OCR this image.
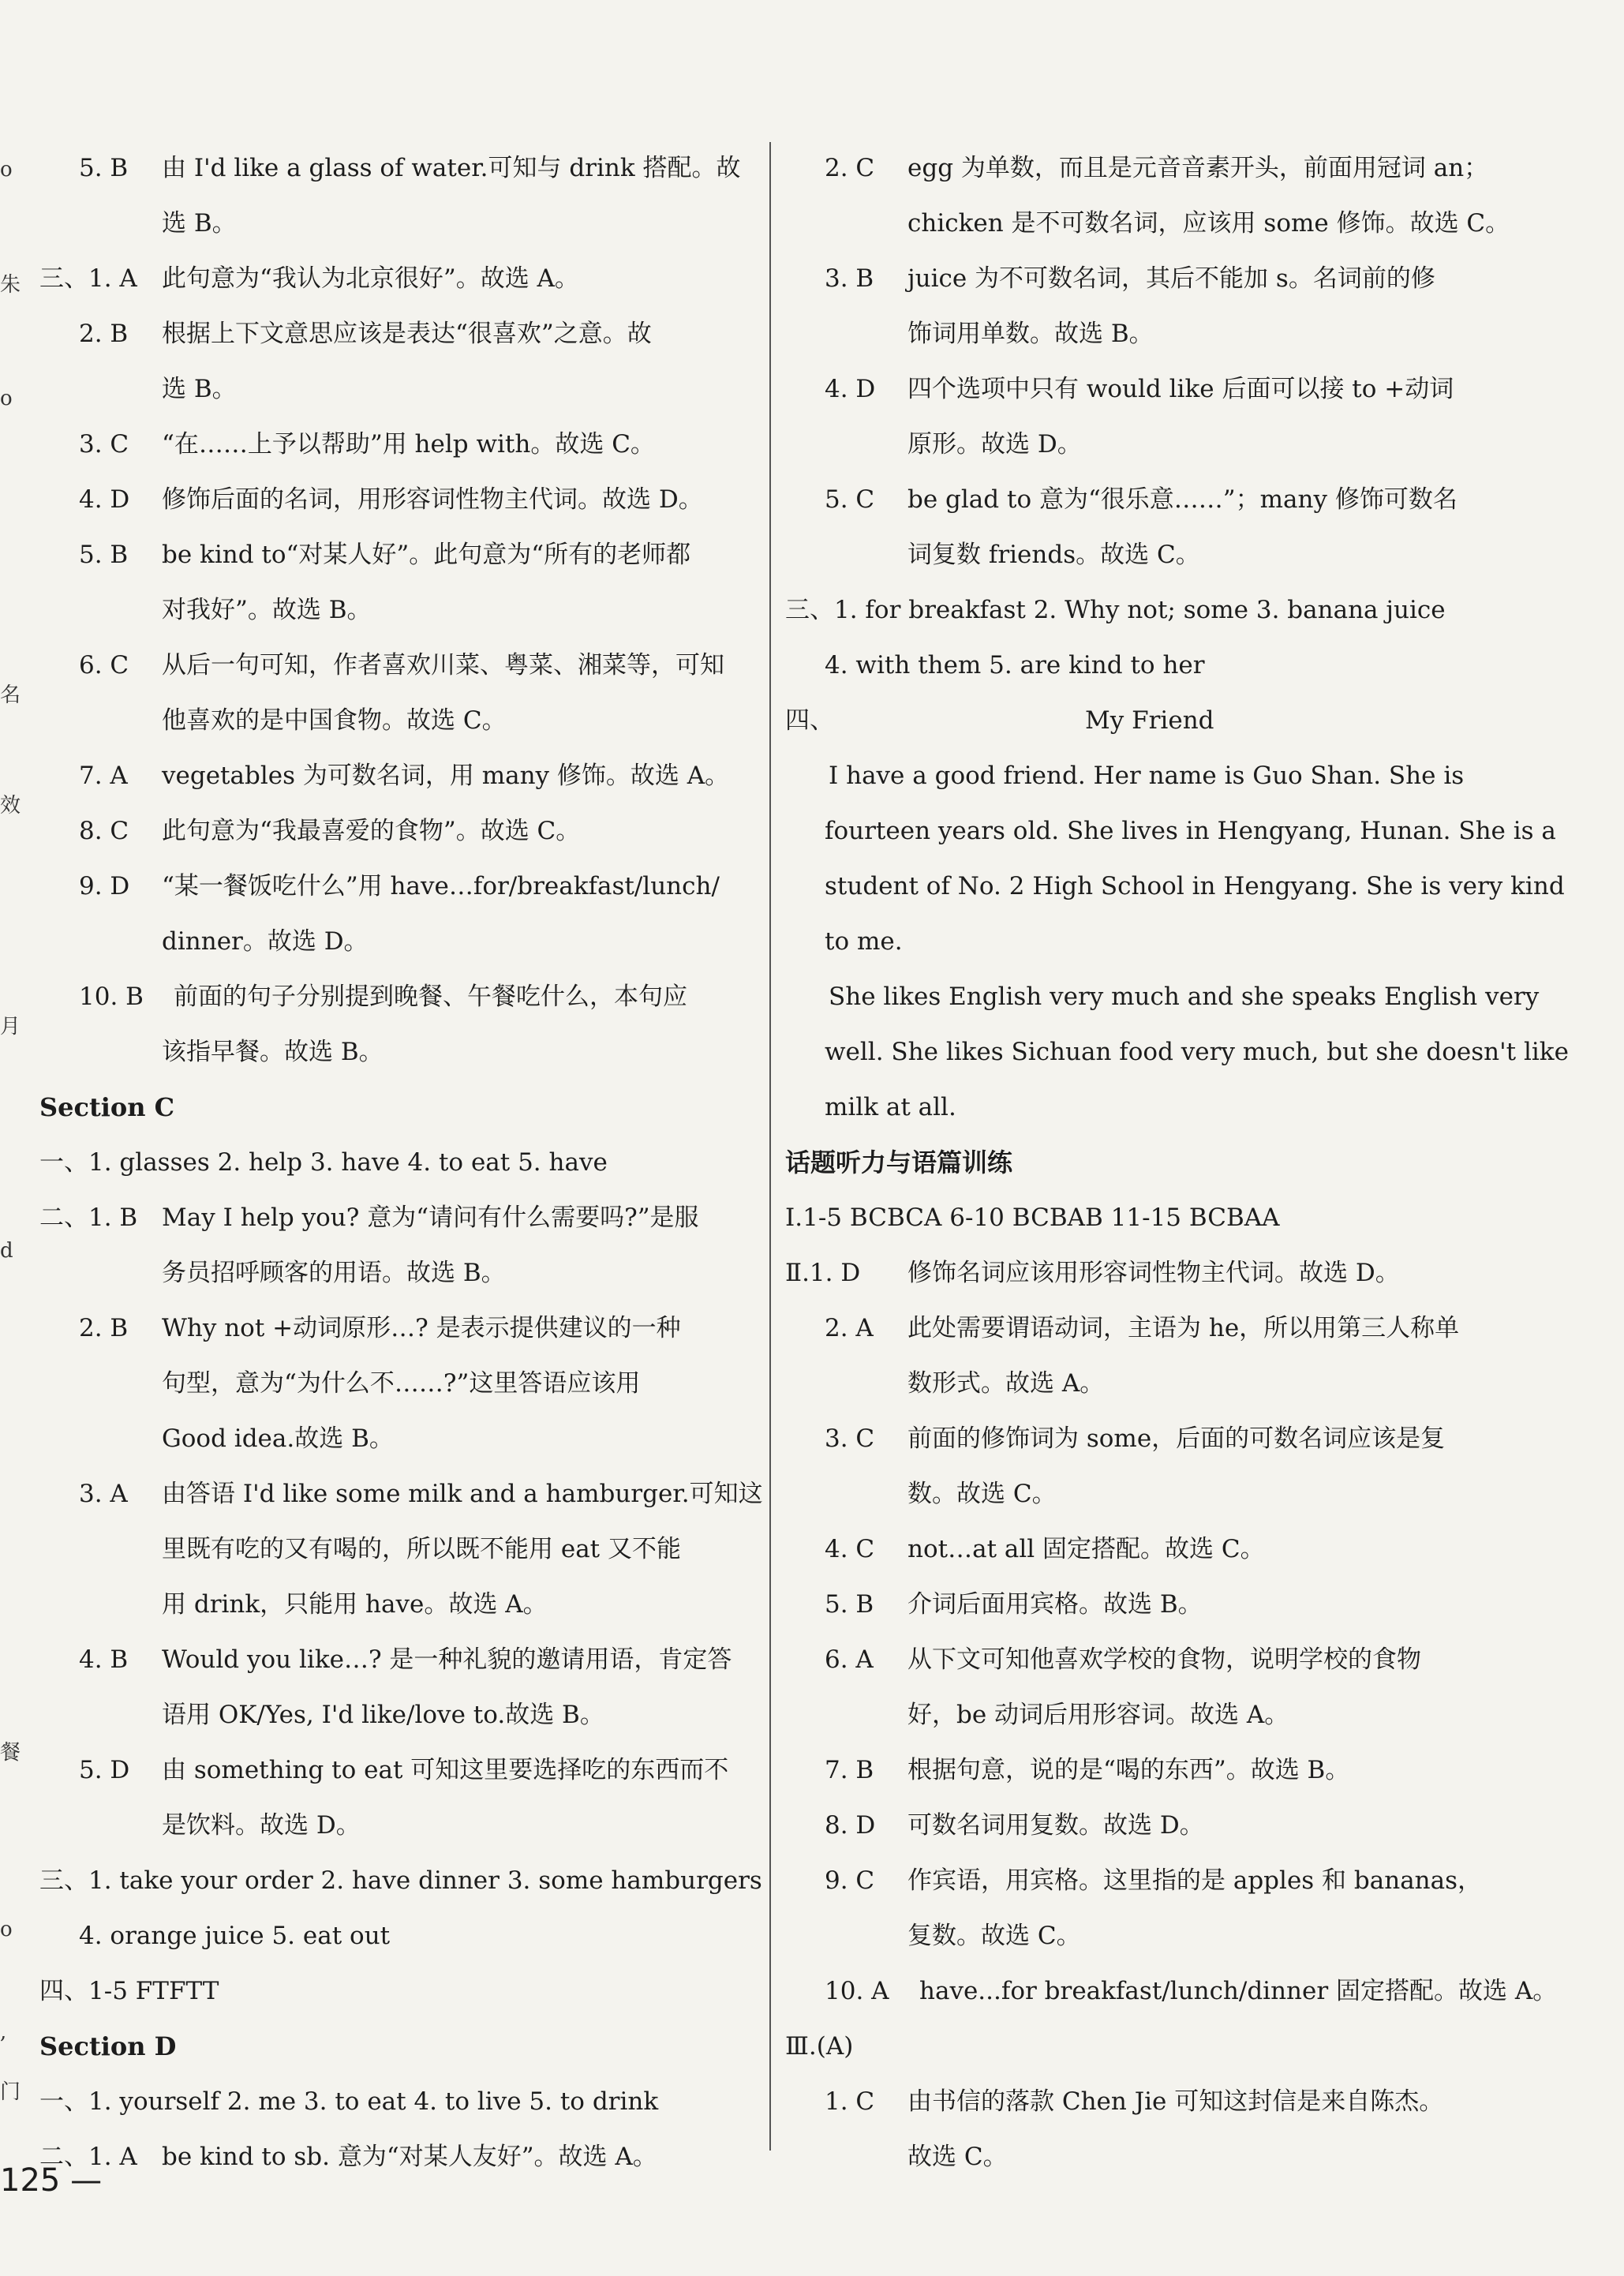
o
朱
o
名
效
月
d
餐
o
,
门
5. B 由 I'd like a glass of water.可知与 drink 搭配。故
选 B。
三、1. A 此句意为“我认为北京很好”。故选 A。
2. B 根据上下文意思应该是表达“很喜欢”之意。故
选 B。
3. C “在……上予以帮助”用 help with。故选 C。
4. D 修饰后面的名词，用形容词性物主代词。故选 D。
5. B be kind to“对某人好”。此句意为“所有的老师都
对我好”。故选 B。
6. C 从后一句可知，作者喜欢川菜、粤菜、湘菜等，可知
他喜欢的是中国食物。故选 C。
7. A vegetables 为可数名词，用 many 修饰。故选 A。
8. C 此句意为“我最喜爱的食物”。故选 C。
9. D “某一餐饭吃什么”用 have…for/breakfast/lunch/
dinner。故选 D。
10. B 前面的句子分别提到晚餐、午餐吃什么，本句应
该指早餐。故选 B。
Section C
一、1. glasses 2. help 3. have 4. to eat 5. have
二、1. B May I help you? 意为“请问有什么需要吗?”是服
务员招呼顾客的用语。故选 B。
2. B Why not +动词原形…? 是表示提供建议的一种
句型，意为“为什么不……?”这里答语应该用
Good idea.故选 B。
3. A 由答语 I'd like some milk and a hamburger.可知这
里既有吃的又有喝的，所以既不能用 eat 又不能
用 drink，只能用 have。故选 A。
4. B Would you like…? 是一种礼貌的邀请用语，肯定答
语用 OK/Yes, I'd like/love to.故选 B。
5. D 由 something to eat 可知这里要选择吃的东西而不
是饮料。故选 D。
三、1. take your order 2. have dinner 3. some hamburgers
4. orange juice 5. eat out
四、1-5 FTFTT
Section D
一、1. yourself 2. me 3. to eat 4. to live 5. to drink
二、1. A be kind to sb. 意为“对某人友好”。故选 A。
2. C egg 为单数，而且是元音音素开头，前面用冠词 an；
chicken 是不可数名词，应该用 some 修饰。故选 C。
3. B juice 为不可数名词，其后不能加 s。名词前的修
饰词用单数。故选 B。
4. D 四个选项中只有 would like 后面可以接 to +动词
原形。故选 D。
5. C be glad to 意为“很乐意……”；many 修饰可数名
词复数 friends。故选 C。
三、1. for breakfast 2. Why not; some 3. banana juice
4. with them 5. are kind to her
四、	My Friend
I have a good friend. Her name is Guo Shan. She is
fourteen years old. She lives in Hengyang, Hunan. She is a
student of No. 2 High School in Hengyang. She is very kind
to me.
She likes English very much and she speaks English very
well. She likes Sichuan food very much, but she doesn't like
milk at all.
话题听力与语篇训练
Ⅰ.1-5 BCBCA 6-10 BCBAB 11-15 BCBAA
Ⅱ.1. D 修饰名词应该用形容词性物主代词。故选 D。
2. A 此处需要谓语动词，主语为 he，所以用第三人称单
数形式。故选 A。
3. C 前面的修饰词为 some，后面的可数名词应该是复
数。故选 C。
4. C not…at all 固定搭配。故选 C。
5. B 介词后面用宾格。故选 B。
6. A 从下文可知他喜欢学校的食物，说明学校的食物
好，be 动词后用形容词。故选 A。
7. B 根据句意，说的是“喝的东西”。故选 B。
8. D 可数名词用复数。故选 D。
9. C 作宾语，用宾格。这里指的是 apples 和 bananas，
复数。故选 C。
10. A have...for breakfast/lunch/dinner 固定搭配。故选 A。
Ⅲ.(A)
1. C 由书信的落款 Chen Jie 可知这封信是来自陈杰。
故选 C。
125 —
